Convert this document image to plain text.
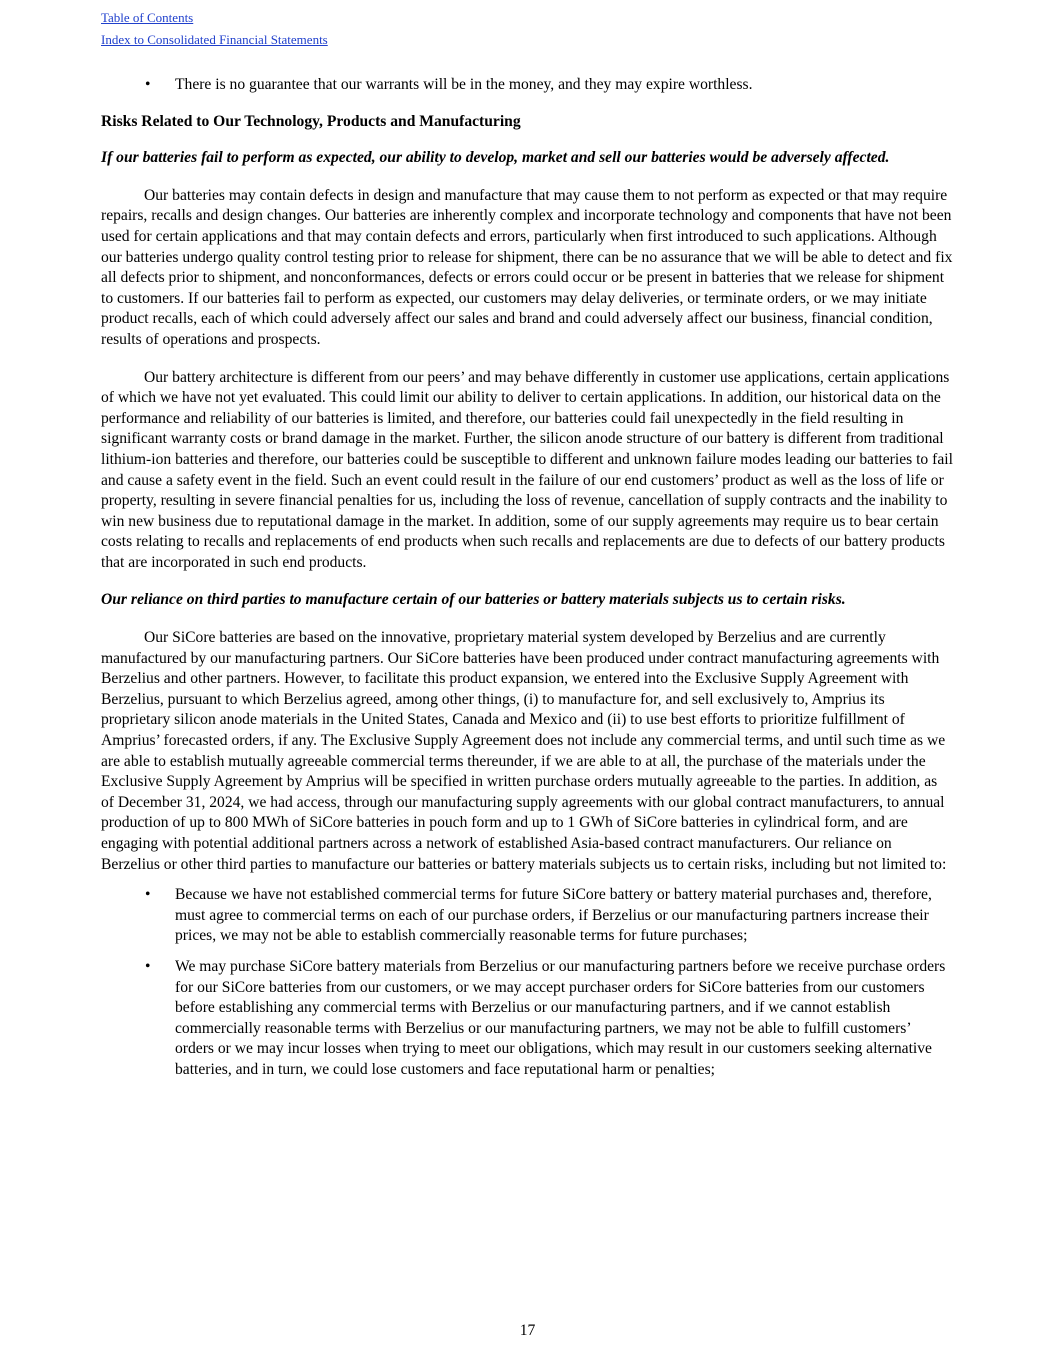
Table of Contents
Index to Consolidated Financial Statements
• There is no guarantee that our warrants will be in the money, and they may expire worthless.
Risks Related to Our Technology, Products and Manufacturing
If our batteries fail to perform as expected, our ability to develop, market and sell our batteries would be adversely affected.

Our batteries may contain defects in design and manufacture that may cause them to not perform as expected or that may require repairs, recalls and design changes. Our batteries are inherently complex and incorporate technology and components that have not been used for certain applications and that may contain defects and errors, particularly when first introduced to such applications. Although our batteries undergo quality control testing prior to release for shipment, there can be no assurance that we will be able to detect and fix all defects prior to shipment, and nonconformances, defects or errors could occur or be present in batteries that we release for shipment to customers. If our batteries fail to perform as expected, our customers may delay deliveries, or terminate orders, or we may initiate product recalls, each of which could adversely affect our sales and brand and could adversely affect our business, financial condition, results of operations and prospects.

Our battery architecture is different from our peers’ and may behave differently in customer use applications, certain applications of which we have not yet evaluated. This could limit our ability to deliver to certain applications. In addition, our historical data on the performance and reliability of our batteries is limited, and therefore, our batteries could fail unexpectedly in the field resulting in significant warranty costs or brand damage in the market. Further, the silicon anode structure of our battery is different from traditional lithium-ion batteries and therefore, our batteries could be susceptible to different and unknown failure modes leading our batteries to fail and cause a safety event in the field. Such an event could result in the failure of our end customers’ product as well as the loss of life or property, resulting in severe financial penalties for us, including the loss of revenue, cancellation of supply contracts and the inability to win new business due to reputational damage in the market. In addition, some of our supply agreements may require us to bear certain costs relating to recalls and replacements of end products when such recalls and replacements are due to defects of our battery products that are incorporated in such end products.

Our reliance on third parties to manufacture certain of our batteries or battery materials subjects us to certain risks.

Our SiCore batteries are based on the innovative, proprietary material system developed by Berzelius and are currently manufactured by our manufacturing partners. Our SiCore batteries have been produced under contract manufacturing agreements with Berzelius and other partners. However, to facilitate this product expansion, we entered into the Exclusive Supply Agreement with Berzelius, pursuant to which Berzelius agreed, among other things, (i) to manufacture for, and sell exclusively to, Amprius its proprietary silicon anode materials in the United States, Canada and Mexico and (ii) to use best efforts to prioritize fulfillment of Amprius’ forecasted orders, if any. The Exclusive Supply Agreement does not include any commercial terms, and until such time as we are able to establish mutually agreeable commercial terms thereunder, if we are able to at all, the purchase of the materials under the Exclusive Supply Agreement by Amprius will be specified in written purchase orders mutually agreeable to the parties. In addition, as of December 31, 2024, we had access, through our manufacturing supply agreements with our global contract manufacturers, to annual production of up to 800 MWh of SiCore batteries in pouch form and up to 1 GWh of SiCore batteries in cylindrical form, and are engaging with potential additional partners across a network of established Asia-based contract manufacturers. Our reliance on Berzelius or other third parties to manufacture our batteries or battery materials subjects us to certain risks, including but not limited to:

• Because we have not established commercial terms for future SiCore battery or battery material purchases and, therefore, must agree to commercial terms on each of our purchase orders, if Berzelius or our manufacturing partners increase their prices, we may not be able to establish commercially reasonable terms for future purchases;
• We may purchase SiCore battery materials from Berzelius or our manufacturing partners before we receive purchase orders for our SiCore batteries from our customers, or we may accept purchaser orders for SiCore batteries from our customers before establishing any commercial terms with Berzelius or our manufacturing partners, and if we cannot establish commercially reasonable terms with Berzelius or our manufacturing partners, we may not be able to fulfill customers’ orders or we may incur losses when trying to meet our obligations, which may result in our customers seeking alternative batteries, and in turn, we could lose customers and face reputational harm or penalties;
17
